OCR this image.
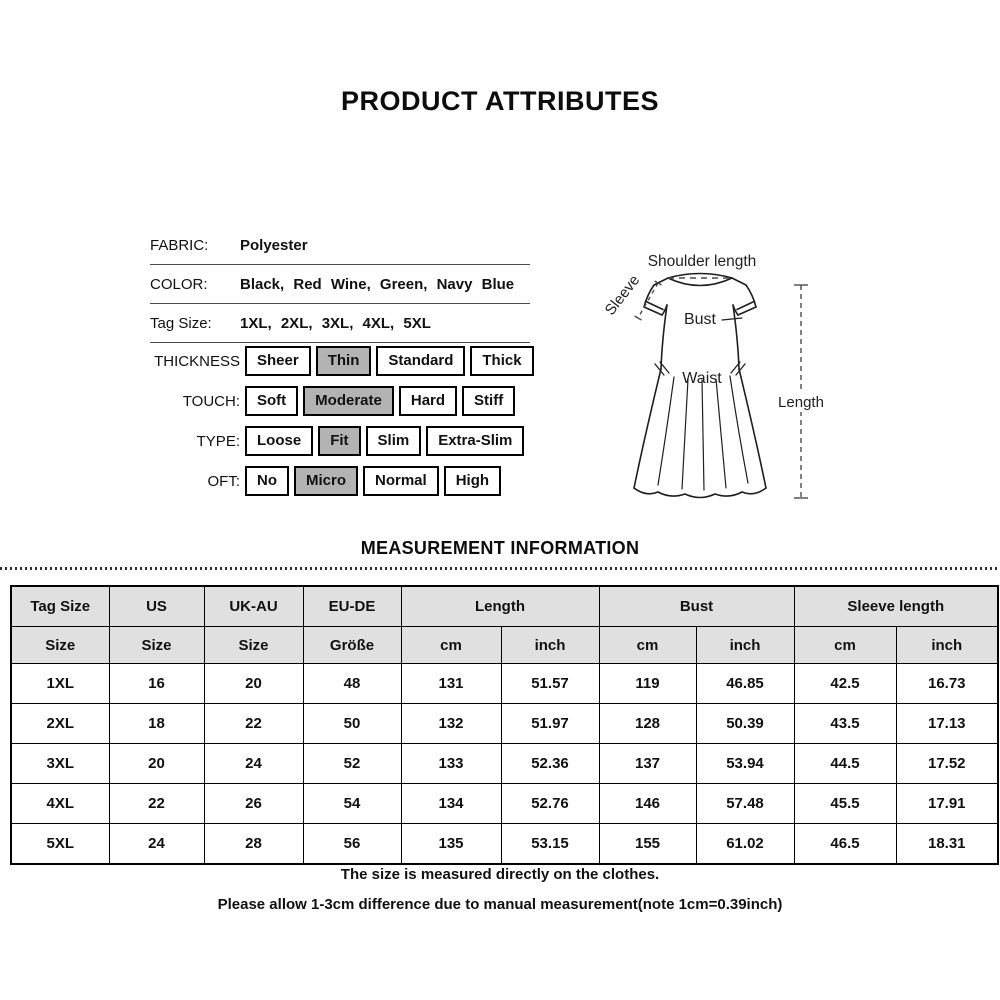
PRODUCT ATTRIBUTES
FABRIC:	Polyester
COLOR:	Black, Red Wine, Green, Navy Blue
Tag Size:	1XL, 2XL, 3XL, 4XL, 5XL
THICKNESS	Sheer	Thin	Standard	Thick
TOUCH:	Soft	Moderate	Hard	Stiff
TYPE:	Loose	Fit	Slim	Extra-Slim
OFT:	No	Micro	Normal	High
Shoulder length
Sleeve
Bust
Waist
Length
MEASUREMENT INFORMATION
Tag Size	US	UK-AU	EU-DE	Length		Bust		Sleeve length	
Size	Size	Size	Größe	cm	inch	cm	inch	cm	inch
1XL	16	20	48	131	51.57	119	46.85	42.5	16.73
2XL	18	22	50	132	51.97	128	50.39	43.5	17.13
3XL	20	24	52	133	52.36	137	53.94	44.5	17.52
4XL	22	26	54	134	52.76	146	57.48	45.5	17.91
5XL	24	28	56	135	53.15	155	61.02	46.5	18.31
The size is measured directly on the clothes.
Please allow 1-3cm difference due to manual measurement(note 1cm=0.39inch)
